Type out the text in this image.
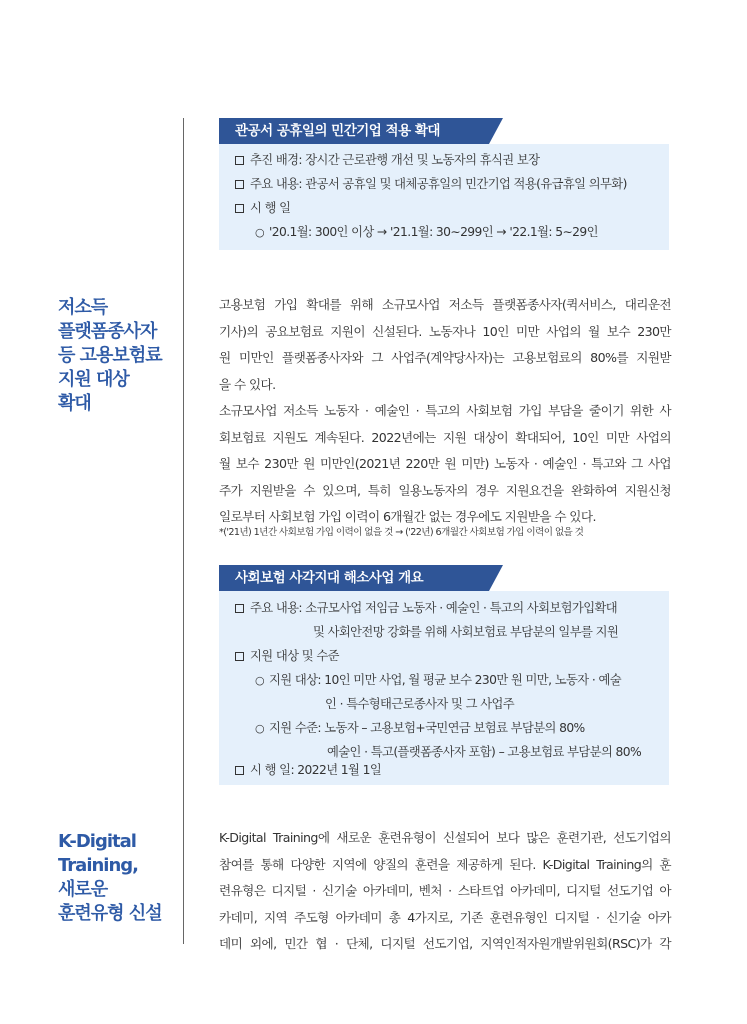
관공서 공휴일의 민간기업 적용 확대
추진 배경: 장시간 근로관행 개선 및 노동자의 휴식권 보장
주요 내용: 관공서 공휴일 및 대체공휴일의 민간기업 적용(유급휴일 의무화)
시 행 일
○ '20.1월: 300인 이상 → '21.1월: 30∼299인 → '22.1월: 5∼29인
저소득
플랫폼종사자
등 고용보험료
지원 대상
확대
고용보험 가입 확대를 위해 소규모사업 저소득 플랫폼종사자(퀵서비스, 대리운전
기사)의 공요보험료 지원이 신설된다. 노동자나 10인 미만 사업의 월 보수 230만
원 미만인 플랫폼종사자와 그 사업주(계약당사자)는 고용보험료의 80%를 지원받
을 수 있다.
소규모사업 저소득 노동자 · 예술인 · 특고의 사회보험 가입 부담을 줄이기 위한 사
회보험료 지원도 계속된다. 2022년에는 지원 대상이 확대되어, 10인 미만 사업의
월 보수 230만 원 미만인(2021년 220만 원 미만) 노동자 · 예술인 · 특고와 그 사업
주가 지원받을 수 있으며, 특히 일용노동자의 경우 지원요건을 완화하여 지원신청
일로부터 사회보험 가입 이력이 6개월간 없는 경우에도 지원받을 수 있다.
*('21년) 1년간 사회보험 가입 이력이 없을 것 → ('22년) 6개월간 사회보험 가입 이력이 없을 것
사회보험 사각지대 해소사업 개요
주요 내용: 소규모사업 저임금 노동자 · 예술인 · 특고의 사회보험가입확대
및 사회안전망 강화를 위해 사회보험료 부담분의 일부를 지원
지원 대상 및 수준
○ 지원 대상: 10인 미만 사업, 월 평균 보수 230만 원 미만, 노동자 · 예술
인 · 특수형태근로종사자 및 그 사업주
○ 지원 수준: 노동자 – 고용보험+국민연금 보험료 부담분의 80%
예술인 · 특고(플랫폼종사자 포함) – 고용보험료 부담분의 80%
시 행 일: 2022년 1월 1일
K-Digital
Training,
새로운
훈련유형 신설
K-Digital Training에 새로운 훈련유형이 신설되어 보다 많은 훈련기관, 선도기업의
참여를 통해 다양한 지역에 양질의 훈련을 제공하게 된다. K-Digital Training의 훈
련유형은 디지털 · 신기술 아카데미, 벤처 · 스타트업 아카데미, 디지털 선도기업 아
카데미, 지역 주도형 아카데미 총 4가지로, 기존 훈련유형인 디지털 · 신기술 아카
데미 외에, 민간 협 · 단체, 디지털 선도기업, 지역인적자원개발위원회(RSC)가 각
